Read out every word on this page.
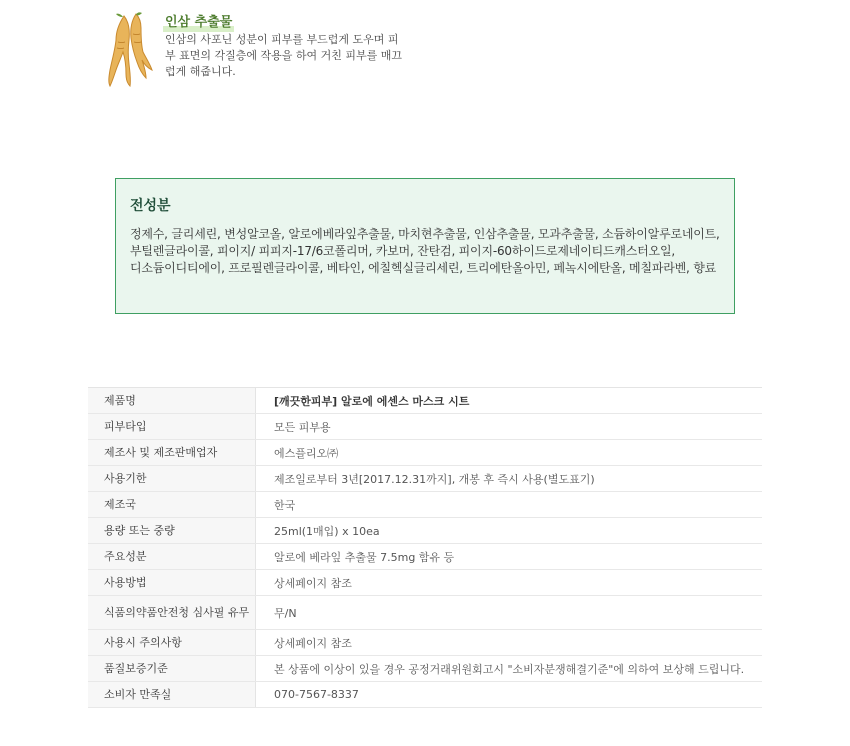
인삼 추출물

인삼의 사포닌 성분이 피부를 부드럽게 도우며 피부 표면의 각질층에 작용을 하여 거친 피부를 매끄럽게 해줍니다.

전성분

정제수, 글리세린, 변성알코올, 알로에베라잎추출물, 마치현추출물, 인삼추출물, 모과추출물, 소듐하이알루로네이트, 부틸렌글라이콜, 피이지/ 피피지-17/6코폴리머, 카보머, 잔탄검, 피이지-60하이드로제네이티드캐스터오일, 디소듐이디티에이, 프로필렌글라이콜, 베타인, 에칠헥실글리세린, 트리에탄올아민, 페녹시에탄올, 메칠파라벤, 향료

제품명	[깨끗한피부] 알로에 에센스 마스크 시트
피부타입	모든 피부용
제조사 및 제조판매업자	에스플리오㈜
사용기한	제조일로부터 3년[2017.12.31까지], 개봉 후 즉시 사용(별도표기)
제조국	한국
용량 또는 중량	25ml(1매입) x 10ea
주요성분	알로에 베라잎 추출물 7.5mg 함유 등
사용방법	상세페이지 참조
식품의약품안전청 심사필 유무	무/N
사용시 주의사항	상세페이지 참조
품질보증기준	본 상품에 이상이 있을 경우 공정거래위원회고시 "소비자분쟁해결기준"에 의하여 보상해 드립니다.
소비자 만족실	070-7567-8337
